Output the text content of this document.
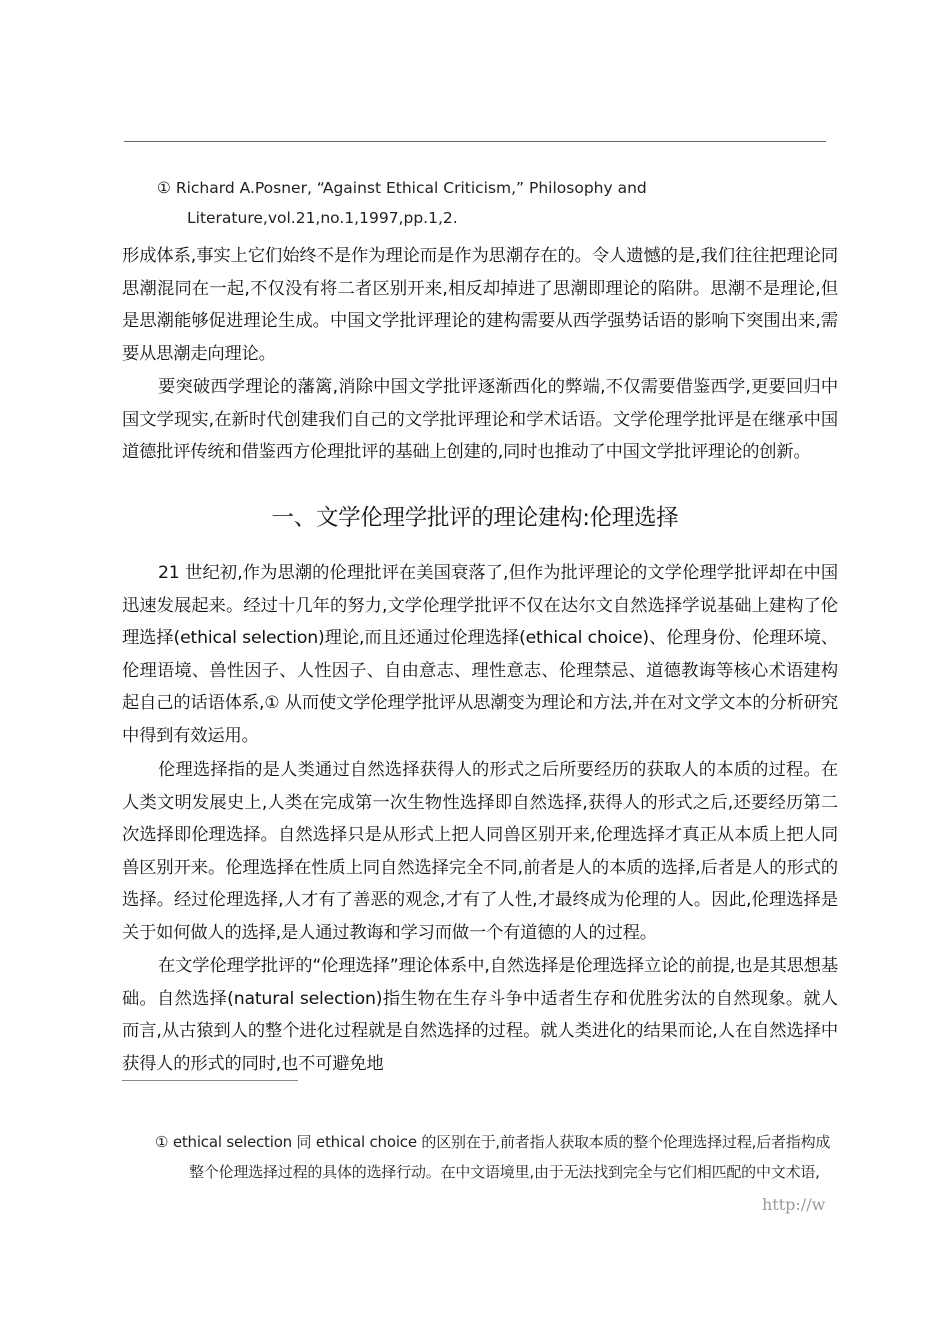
① Richard A.Posner, “Against Ethical Criticism,” Philosophy and
Literature,vol.21,no.1,1997,pp.1,2.

形成体系,事实上它们始终不是作为理论而是作为思潮存在的。令人遗憾的是,我们往往把理论同思潮混同在一起,不仅没有将二者区别开来,相反却掉进了思潮即理论的陷阱。思潮不是理论,但是思潮能够促进理论生成。中国文学批评理论的建构需要从西学强势话语的影响下突围出来,需要从思潮走向理论。

要突破西学理论的藩篱,消除中国文学批评逐渐西化的弊端,不仅需要借鉴西学,更要回归中国文学现实,在新时代创建我们自己的文学批评理论和学术话语。文学伦理学批评是在继承中国道德批评传统和借鉴西方伦理批评的基础上创建的,同时也推动了中国文学批评理论的创新。

一、文学伦理学批评的理论建构:伦理选择

21 世纪初,作为思潮的伦理批评在美国衰落了,但作为批评理论的文学伦理学批评却在中国迅速发展起来。经过十几年的努力,文学伦理学批评不仅在达尔文自然选择学说基础上建构了伦理选择(ethical selection)理论,而且还通过伦理选择(ethical choice)、伦理身份、伦理环境、伦理语境、兽性因子、人性因子、自由意志、理性意志、伦理禁忌、道德教诲等核心术语建构起自己的话语体系,① 从而使文学伦理学批评从思潮变为理论和方法,并在对文学文本的分析研究中得到有效运用。

伦理选择指的是人类通过自然选择获得人的形式之后所要经历的获取人的本质的过程。在人类文明发展史上,人类在完成第一次生物性选择即自然选择,获得人的形式之后,还要经历第二次选择即伦理选择。自然选择只是从形式上把人同兽区别开来,伦理选择才真正从本质上把人同兽区别开来。伦理选择在性质上同自然选择完全不同,前者是人的本质的选择,后者是人的形式的选择。经过伦理选择,人才有了善恶的观念,才有了人性,才最终成为伦理的人。因此,伦理选择是关于如何做人的选择,是人通过教诲和学习而做一个有道德的人的过程。

在文学伦理学批评的“伦理选择”理论体系中,自然选择是伦理选择立论的前提,也是其思想基础。自然选择(natural selection)指生物在生存斗争中适者生存和优胜劣汰的自然现象。就人而言,从古猿到人的整个进化过程就是自然选择的过程。就人类进化的结果而论,人在自然选择中获得人的形式的同时,也不可避免地

① ethical selection 同 ethical choice 的区别在于,前者指人获取本质的整个伦理选择过程,后者指构成
整个伦理选择过程的具体的选择行动。在中文语境里,由于无法找到完全与它们相匹配的中文术语,
http://w
